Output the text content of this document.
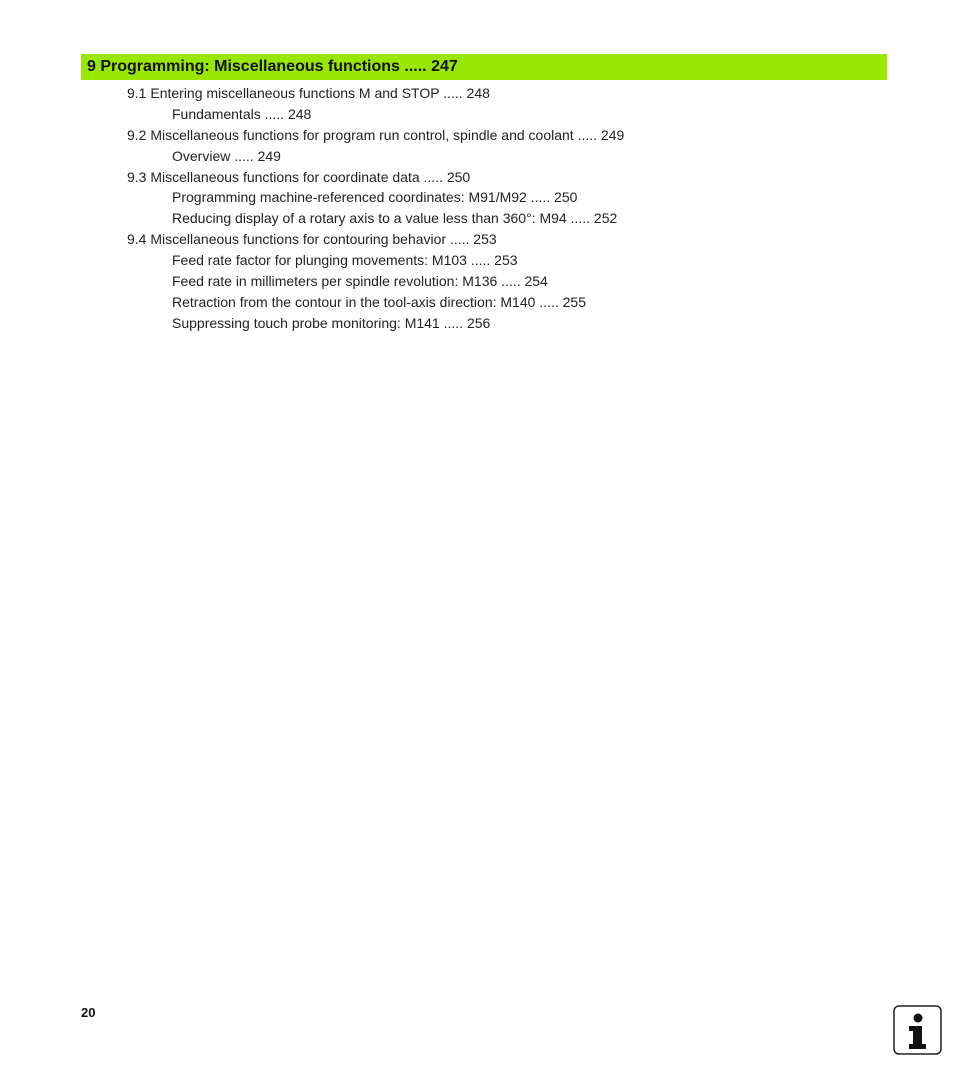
9 Programming: Miscellaneous functions ..... 247
9.1 Entering miscellaneous functions M and STOP ..... 248
Fundamentals ..... 248
9.2 Miscellaneous functions for program run control, spindle and coolant ..... 249
Overview ..... 249
9.3 Miscellaneous functions for coordinate data ..... 250
Programming machine-referenced coordinates: M91/M92 ..... 250
Reducing display of a rotary axis to a value less than 360°: M94 ..... 252
9.4 Miscellaneous functions for contouring behavior ..... 253
Feed rate factor for plunging movements: M103 ..... 253
Feed rate in millimeters per spindle revolution: M136 ..... 254
Retraction from the contour in the tool-axis direction: M140 ..... 255
Suppressing touch probe monitoring: M141 ..... 256
20
